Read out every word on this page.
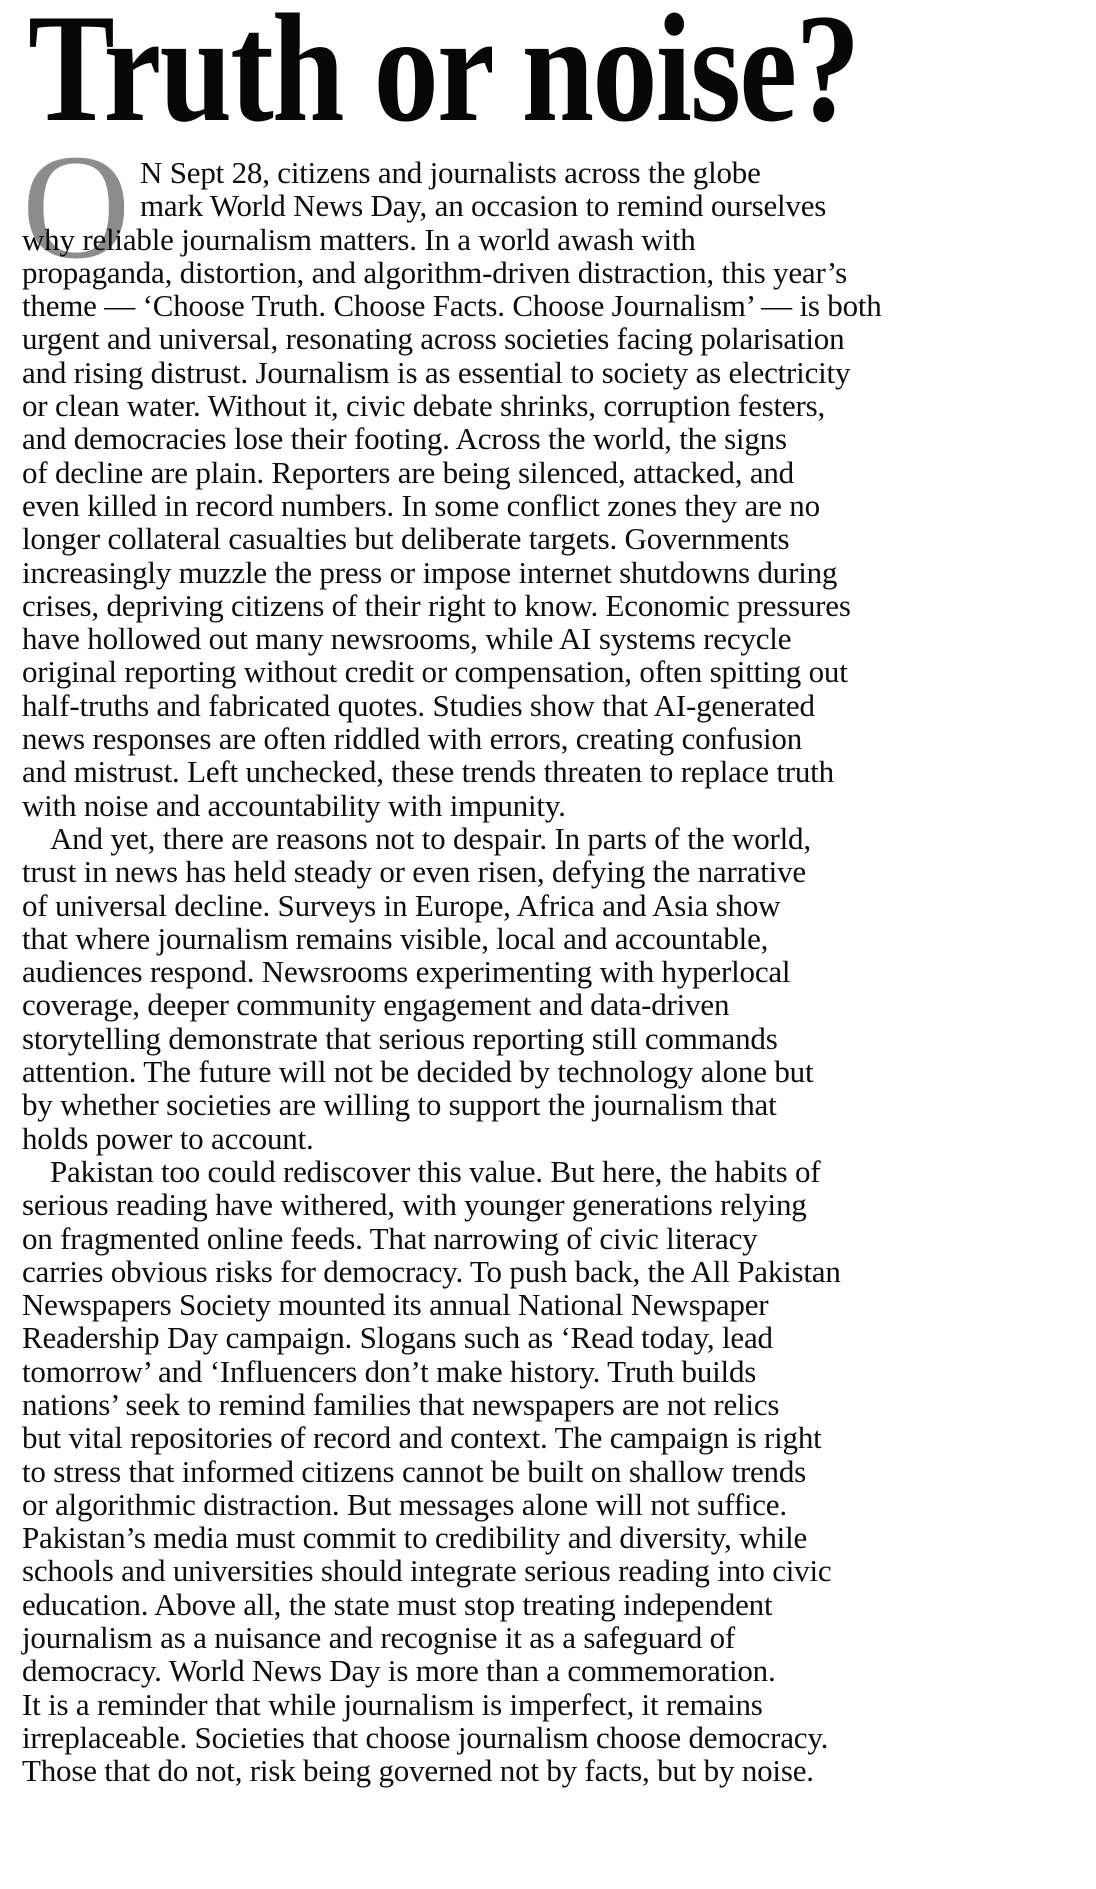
Truth or noise?
O N Sept 28, citizens and journalists across the globe
mark World News Day, an occasion to remind ourselves
why reliable journalism matters. In a world awash with
propaganda, distortion, and algorithm-driven distraction, this year’s
theme — ‘Choose Truth. Choose Facts. Choose Journalism’ — is both
urgent and universal, resonating across societies facing polarisation
and rising distrust. Journalism is as essential to society as electricity
or clean water. Without it, civic debate shrinks, corruption festers,
and democracies lose their footing. Across the world, the signs
of decline are plain. Reporters are being silenced, attacked, and
even killed in record numbers. In some conflict zones they are no
longer collateral casualties but deliberate targets. Governments
increasingly muzzle the press or impose internet shutdowns during
crises, depriving citizens of their right to know. Economic pressures
have hollowed out many newsrooms, while AI systems recycle
original reporting without credit or compensation, often spitting out
half-truths and fabricated quotes. Studies show that AI-generated
news responses are often riddled with errors, creating confusion
and mistrust. Left unchecked, these trends threaten to replace truth
with noise and accountability with impunity.
And yet, there are reasons not to despair. In parts of the world,
trust in news has held steady or even risen, defying the narrative
of universal decline. Surveys in Europe, Africa and Asia show
that where journalism remains visible, local and accountable,
audiences respond. Newsrooms experimenting with hyperlocal
coverage, deeper community engagement and data-driven
storytelling demonstrate that serious reporting still commands
attention. The future will not be decided by technology alone but
by whether societies are willing to support the journalism that
holds power to account.
Pakistan too could rediscover this value. But here, the habits of
serious reading have withered, with younger generations relying
on fragmented online feeds. That narrowing of civic literacy
carries obvious risks for democracy. To push back, the All Pakistan
Newspapers Society mounted its annual National Newspaper
Readership Day campaign. Slogans such as ‘Read today, lead
tomorrow’ and ‘Influencers don’t make history. Truth builds
nations’ seek to remind families that newspapers are not relics
but vital repositories of record and context. The campaign is right
to stress that informed citizens cannot be built on shallow trends
or algorithmic distraction. But messages alone will not suffice.
Pakistan’s media must commit to credibility and diversity, while
schools and universities should integrate serious reading into civic
education. Above all, the state must stop treating independent
journalism as a nuisance and recognise it as a safeguard of
democracy. World News Day is more than a commemoration.
It is a reminder that while journalism is imperfect, it remains
irreplaceable. Societies that choose journalism choose democracy.
Those that do not, risk being governed not by facts, but by noise.
